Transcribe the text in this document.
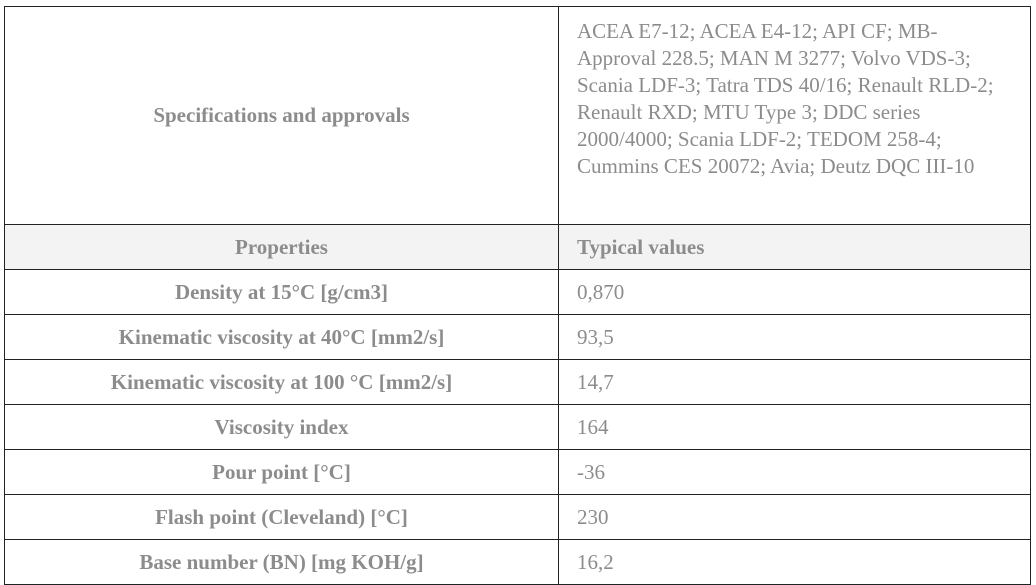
Specifications and approvals	ACEA E7-12; ACEA E4-12; API CF; MB-Approval 228.5; MAN M 3277; Volvo VDS-3; Scania LDF-3; Tatra TDS 40/16; Renault RLD-2; Renault RXD; MTU Type 3; DDC series 2000/4000; Scania LDF-2; TEDOM 258-4; Cummins CES 20072; Avia; Deutz DQC III-10
Properties	Typical values
Density at 15°C [g/cm3]	0,870
Kinematic viscosity at 40°C [mm2/s]	93,5
Kinematic viscosity at 100 °C [mm2/s]	14,7
Viscosity index	164
Pour point [°C]	-36
Flash point (Cleveland) [°C]	230
Base number (BN) [mg KOH/g]	16,2
